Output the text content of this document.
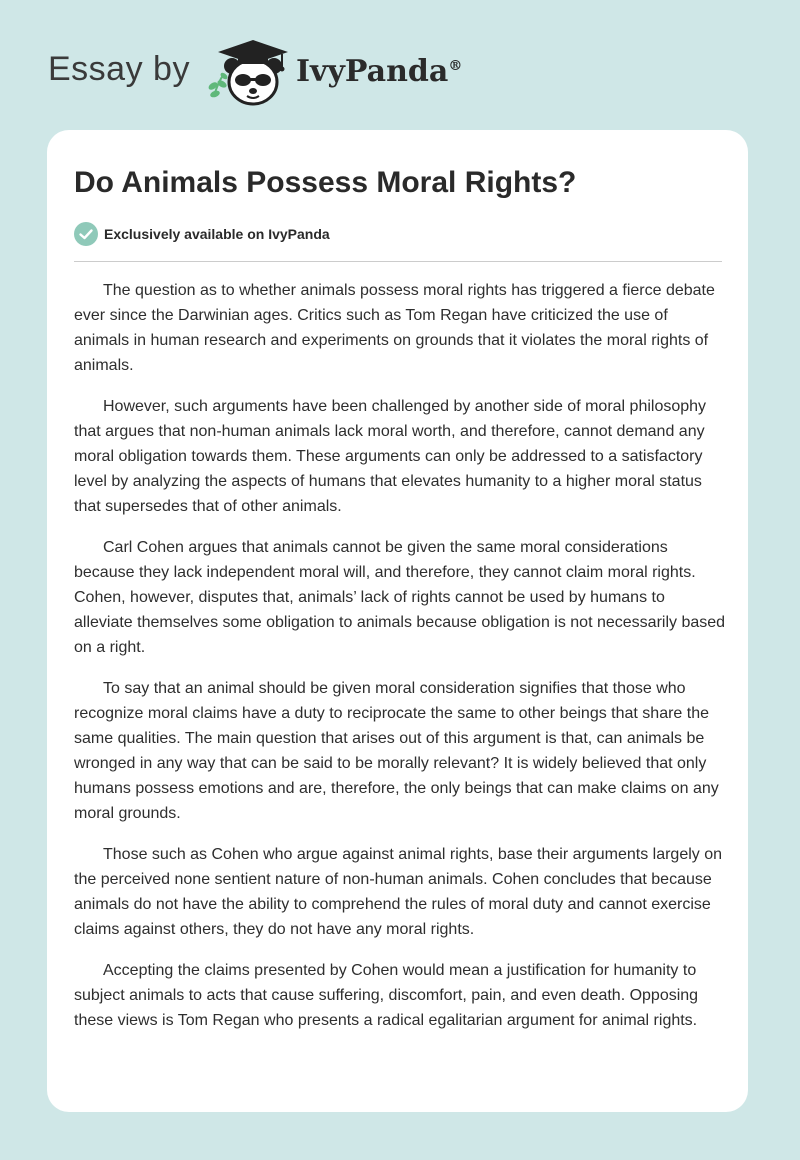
Essay by	IvyPanda®
Do Animals Possess Moral Rights?
Exclusively available on IvyPanda

The question as to whether animals possess moral rights has triggered a fierce debate ever since the Darwinian ages. Critics such as Tom Regan have criticized the use of animals in human research and experiments on grounds that it violates the moral rights of animals.

However, such arguments have been challenged by another side of moral philosophy that argues that non-human animals lack moral worth, and therefore, cannot demand any moral obligation towards them. These arguments can only be addressed to a satisfactory level by analyzing the aspects of humans that elevates humanity to a higher moral status that supersedes that of other animals.

Carl Cohen argues that animals cannot be given the same moral considerations because they lack independent moral will, and therefore, they cannot claim moral rights. Cohen, however, disputes that, animals’ lack of rights cannot be used by humans to alleviate themselves some obligation to animals because obligation is not necessarily based on a right.

To say that an animal should be given moral consideration signifies that those who recognize moral claims have a duty to reciprocate the same to other beings that share the same qualities. The main question that arises out of this argument is that, can animals be wronged in any way that can be said to be morally relevant? It is widely believed that only humans possess emotions and are, therefore, the only beings that can make claims on any moral grounds.

Those such as Cohen who argue against animal rights, base their arguments largely on the perceived none sentient nature of non-human animals. Cohen concludes that because animals do not have the ability to comprehend the rules of moral duty and cannot exercise claims against others, they do not have any moral rights.

Accepting the claims presented by Cohen would mean a justification for humanity to subject animals to acts that cause suffering, discomfort, pain, and even death. Opposing these views is Tom Regan who presents a radical egalitarian argument for animal rights.
